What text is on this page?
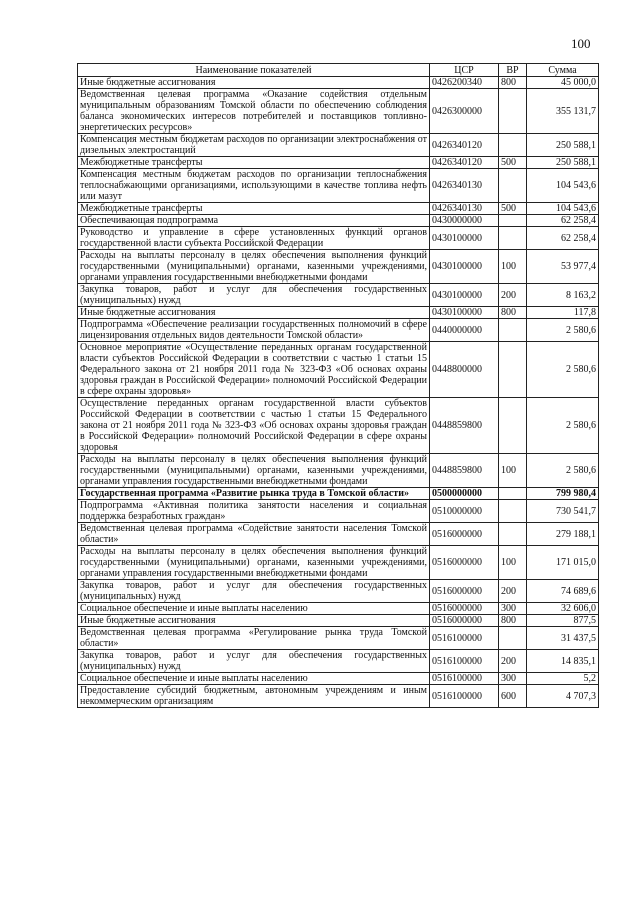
100
Наименование показателей	ЦСР	ВР	Сумма
Иные бюджетные ассигнования	0426200340	800	45 000,0
Ведомственная целевая программа «Оказание содействия отдельным муниципальным образованиям Томской области по обеспечению соблюдения баланса экономических интересов потребителей и поставщиков топливно-энергетических ресурсов»	0426300000		355 131,7
Компенсация местным бюджетам расходов по организации электроснабжения от дизельных электростанций	0426340120		250 588,1
Межбюджетные трансферты	0426340120	500	250 588,1
Компенсация местным бюджетам расходов по организации теплоснабжения теплоснабжающими организациями, использующими в качестве топлива нефть или мазут	0426340130		104 543,6
Межбюджетные трансферты	0426340130	500	104 543,6
Обеспечивающая подпрограмма	0430000000		62 258,4
Руководство и управление в сфере установленных функций органов государственной власти субъекта Российской Федерации	0430100000		62 258,4
Расходы на выплаты персоналу в целях обеспечения выполнения функций государственными (муниципальными) органами, казенными учреждениями, органами управления государственными внебюджетными фондами	0430100000	100	53 977,4
Закупка товаров, работ и услуг для обеспечения государственных (муниципальных) нужд	0430100000	200	8 163,2
Иные бюджетные ассигнования	0430100000	800	117,8
Подпрограмма «Обеспечение реализации государственных полномочий в сфере лицензирования отдельных видов деятельности Томской области»	0440000000		2 580,6
Основное мероприятие «Осуществление переданных органам государственной власти субъектов Российской Федерации в соответствии с частью 1 статьи 15 Федерального закона от 21 ноября 2011 года № 323-ФЗ «Об основах охраны здоровья граждан в Российской Федерации» полномочий Российской Федерации в сфере охраны здоровья»	0448800000		2 580,6
Осуществление переданных органам государственной власти субъектов Российской Федерации в соответствии с частью 1 статьи 15 Федерального закона от 21 ноября 2011 года № 323-ФЗ «Об основах охраны здоровья граждан в Российской Федерации» полномочий Российской Федерации в сфере охраны здоровья	0448859800		2 580,6
Расходы на выплаты персоналу в целях обеспечения выполнения функций государственными (муниципальными) органами, казенными учреждениями, органами управления государственными внебюджетными фондами	0448859800	100	2 580,6
Государственная программа «Развитие рынка труда в Томской области»	0500000000		799 980,4
Подпрограмма «Активная политика занятости населения и социальная поддержка безработных граждан»	0510000000		730 541,7
Ведомственная целевая программа «Содействие занятости населения Томской области»	0516000000		279 188,1
Расходы на выплаты персоналу в целях обеспечения выполнения функций государственными (муниципальными) органами, казенными учреждениями, органами управления государственными внебюджетными фондами	0516000000	100	171 015,0
Закупка товаров, работ и услуг для обеспечения государственных (муниципальных) нужд	0516000000	200	74 689,6
Социальное обеспечение и иные выплаты населению	0516000000	300	32 606,0
Иные бюджетные ассигнования	0516000000	800	877,5
Ведомственная целевая программа «Регулирование рынка труда Томской области»	0516100000		31 437,5
Закупка товаров, работ и услуг для обеспечения государственных (муниципальных) нужд	0516100000	200	14 835,1
Социальное обеспечение и иные выплаты населению	0516100000	300	5,2
Предоставление субсидий бюджетным, автономным учреждениям и иным некоммерческим организациям	0516100000	600	4 707,3
